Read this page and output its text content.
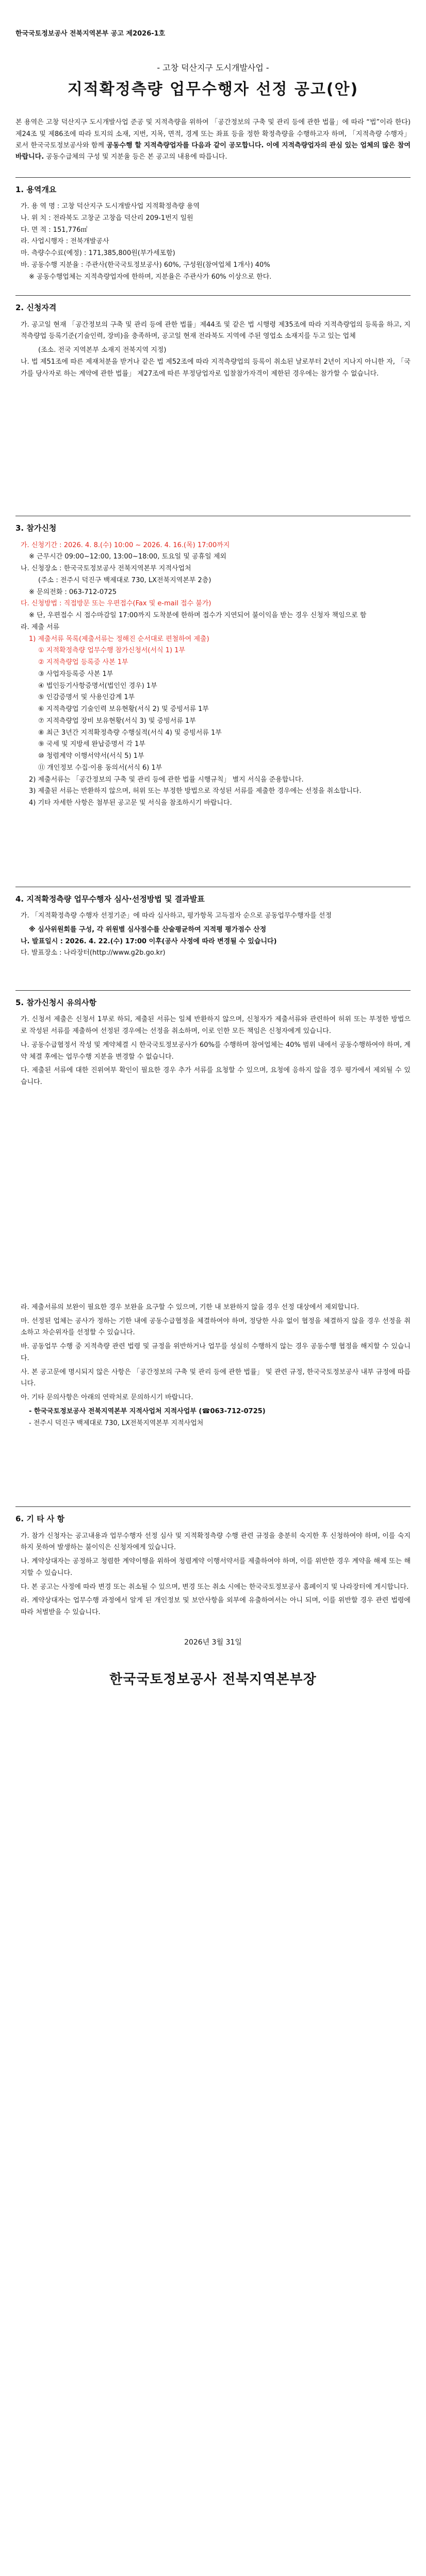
한국국토정보공사 전북지역본부 공고 제2026-1호
- 고창 덕산지구 도시개발사업 -
지적확정측량 업무수행자 선정 공고(안)
본 용역은 고창 덕산지구 도시개발사업 준공 및 지적측량을 위하여 「공간정보의 구축 및 관리 등에 관한 법률」에 따라 “법”이라 한다) 제24조 및 제86조에 따라 토지의 소재, 지번, 지목, 면적, 경계 또는 좌표 등을 정한 확정측량을 수행하고자 하며, 「지적측량 수행자」로서 한국국토정보공사와 함께 공동수행 할 지적측량업자를 다음과 같이 공모합니다. 이에 지적측량업자의 관심 있는 업체의 많은 참여 바랍니다. 공동수급체의 구성 및 지분율 등은 본 공고의 내용에 따릅니다.
1. 용역개요
가. 용 역 명 : 고창 덕산지구 도시개발사업 지적확정측량 용역
나. 위 치 : 전라북도 고창군 고창읍 덕산리 209-1번지 일원
다. 면 적 : 151,776㎡
라. 사업시행자 : 전북개발공사
마. 측량수수료(예정) : 171,385,800원(부가세포함)
바. 공동수행 지분율 : 주관사(한국국토정보공사) 60%, 구성원(참여업체 1개사) 40%
※ 공동수행업체는 지적측량업자에 한하며, 지분율은 주관사가 60% 이상으로 한다.
2. 신청자격
가. 공고일 현재 「공간정보의 구축 및 관리 등에 관한 법률」제44조 및 같은 법 시행령 제35조에 따라 지적측량업의 등록을 하고, 지적측량업 등록기준(기술인력, 장비)을 충족하며, 공고일 현재 전라북도 지역에 주된 영업소 소재지를 두고 있는 업체
(조소. 전국 지역본부 소재지 전북지역 지정)
나. 법 제51조에 따른 제재처분을 받거나 같은 법 제52조에 따라 지적측량업의 등록이 취소된 날로부터 2년이 지나지 아니한 자, 「국가를 당사자로 하는 계약에 관한 법률」 제27조에 따른 부정당업자로 입찰참가자격이 제한된 경우에는 참가할 수 없습니다.
3. 참가신청
가. 신청기간 : 2026. 4. 8.(수) 10:00 ~ 2026. 4. 16.(목) 17:00까지
※ 근무시간 09:00~12:00, 13:00~18:00, 토요일 및 공휴일 제외
나. 신청장소 : 한국국토정보공사 전북지역본부 지적사업처
(주소 : 전주시 덕진구 백제대로 730, LX전북지역본부 2층)
※ 문의전화 : 063-712-0725
다. 신청방법 : 직접방문 또는 우편접수(Fax 및 e-mail 접수 불가)
※ 단, 우편접수 시 접수마감일 17:00까지 도착분에 한하며 접수가 지연되어 불이익을 받는 경우 신청자 책임으로 함
라. 제출 서류
1) 제출서류 목록(제출서류는 정해진 순서대로 편철하여 제출)
① 지적확정측량 업무수행 참가신청서(서식 1) 1부
② 지적측량업 등록증 사본 1부
③ 사업자등록증 사본 1부
④ 법인등기사항증명서(법인인 경우) 1부
⑤ 인감증명서 및 사용인감계 1부
⑥ 지적측량업 기술인력 보유현황(서식 2) 및 증빙서류 1부
⑦ 지적측량업 장비 보유현황(서식 3) 및 증빙서류 1부
⑧ 최근 3년간 지적확정측량 수행실적(서식 4) 및 증빙서류 1부
⑨ 국세 및 지방세 완납증명서 각 1부
⑩ 청렴계약 이행서약서(서식 5) 1부
⑪ 개인정보 수집·이용 동의서(서식 6) 1부
2) 제출서류는 「공간정보의 구축 및 관리 등에 관한 법률 시행규칙」 별지 서식을 준용합니다.
3) 제출된 서류는 반환하지 않으며, 허위 또는 부정한 방법으로 작성된 서류를 제출한 경우에는 선정을 취소합니다.
4) 기타 자세한 사항은 첨부된 공고문 및 서식을 참조하시기 바랍니다.
4. 지적확정측량 업무수행자 심사·선정방법 및 결과발표
가. 「지적확정측량 수행자 선정기준」에 따라 심사하고, 평가항목 고득점자 순으로 공동업무수행자를 선정
※ 심사위원회를 구성, 각 위원별 심사점수를 산술평균하여 지적평 평가점수 산정
나. 발표일시 : 2026. 4. 22.(수) 17:00 이후(공사 사정에 따라 변경될 수 있습니다)
다. 발표장소 : 나라장터(http://www.g2b.go.kr)
5. 참가신청시 유의사항
가. 신청서 제출은 신청서 1부로 하되, 제출된 서류는 일체 반환하지 않으며, 신청자가 제출서류와 관련하여 허위 또는 부정한 방법으로 작성된 서류를 제출하여 선정된 경우에는 선정을 취소하며, 이로 인한 모든 책임은 신청자에게 있습니다.
나. 공동수급협정서 작성 및 계약체결 시 한국국토정보공사가 60%를 수행하며 참여업체는 40% 범위 내에서 공동수행하여야 하며, 계약 체결 후에는 업무수행 지분을 변경할 수 없습니다.
다. 제출된 서류에 대한 진위여부 확인이 필요한 경우 추가 서류를 요청할 수 있으며, 요청에 응하지 않을 경우 평가에서 제외될 수 있습니다.
라. 제출서류의 보완이 필요한 경우 보완을 요구할 수 있으며, 기한 내 보완하지 않을 경우 선정 대상에서 제외합니다.
마. 선정된 업체는 공사가 정하는 기한 내에 공동수급협정을 체결하여야 하며, 정당한 사유 없이 협정을 체결하지 않을 경우 선정을 취소하고 차순위자를 선정할 수 있습니다.
바. 공동업무 수행 중 지적측량 관련 법령 및 규정을 위반하거나 업무를 성실히 수행하지 않는 경우 공동수행 협정을 해지할 수 있습니다.
사. 본 공고문에 명시되지 않은 사항은 「공간정보의 구축 및 관리 등에 관한 법률」 및 관련 규정, 한국국토정보공사 내부 규정에 따릅니다.
아. 기타 문의사항은 아래의 연락처로 문의하시기 바랍니다.
- 한국국토정보공사 전북지역본부 지적사업처 지적사업부 (☎063-712-0725)
- 전주시 덕진구 백제대로 730, LX전북지역본부 지적사업처
6. 기 타 사 항
가. 참가 신청자는 공고내용과 업무수행자 선정 심사 및 지적확정측량 수행 관련 규정을 충분히 숙지한 후 신청하여야 하며, 이를 숙지하지 못하여 발생하는 불이익은 신청자에게 있습니다.
나. 계약상대자는 공정하고 청렴한 계약이행을 위하여 청렴계약 이행서약서를 제출하여야 하며, 이를 위반한 경우 계약을 해제 또는 해지할 수 있습니다.
다. 본 공고는 사정에 따라 변경 또는 취소될 수 있으며, 변경 또는 취소 시에는 한국국토정보공사 홈페이지 및 나라장터에 게시합니다.
라. 계약상대자는 업무수행 과정에서 알게 된 개인정보 및 보안사항을 외부에 유출하여서는 아니 되며, 이를 위반할 경우 관련 법령에 따라 처벌받을 수 있습니다.
2026년 3월 31일
한국국토정보공사 전북지역본부장
